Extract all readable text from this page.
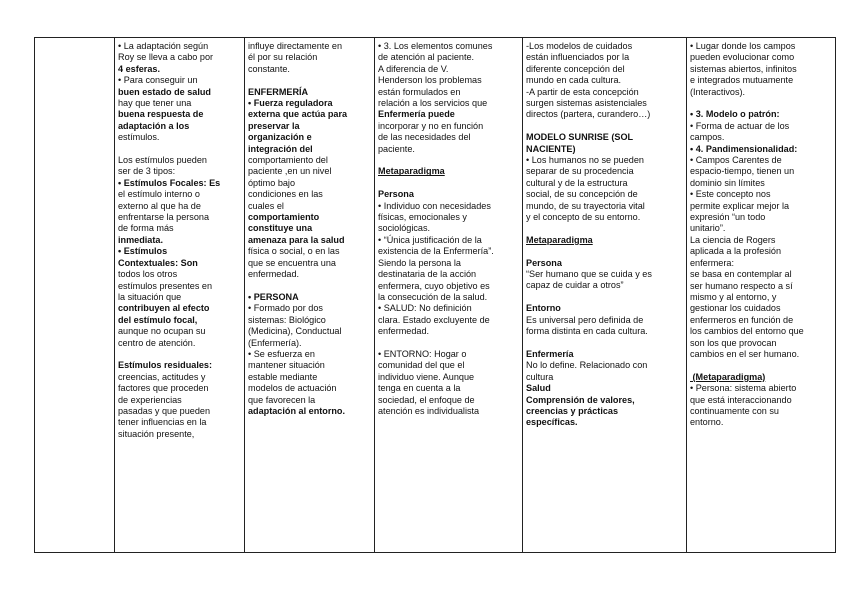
• La adaptación según
Roy se lleva a cabo por
4 esferas.
• Para conseguir un
buen estado de salud
hay que tener una
buena respuesta de
adaptación a los
estímulos.
Los estímulos pueden
ser de 3 tipos:
• Estímulos Focales: Es
el estímulo interno o
externo al que ha de
enfrentarse la persona
de forma más
inmediata.
• Estímulos
Contextuales: Son
todos los otros
estímulos presentes en
la situación que
contribuyen al efecto
del estímulo focal,
aunque no ocupan su
centro de atención.
Estímulos residuales:
creencias, actitudes y
factores que proceden
de experiencias
pasadas y que pueden
tener influencias en la
situación presente,
influye directamente en
él por su relación
constante.
ENFERMERÍA
• Fuerza reguladora
externa que actúa para
preservar la
organización e
integración del
comportamiento del
paciente ,en un nivel
óptimo bajo
condiciones en las
cuales el
comportamiento
constituye una
amenaza para la salud
física o social, o en las
que se encuentra una
enfermedad.
• PERSONA
• Formado por dos
sistemas: Biológico
(Medicina), Conductual
(Enfermería).
• Se esfuerza en
mantener situación
estable mediante
modelos de actuación
que favorecen la
adaptación al entorno.
• 3. Los elementos comunes
de atención al paciente.
A diferencia de V.
Henderson los problemas
están formulados en
relación a los servicios que
Enfermería puede
incorporar y no en función
de las necesidades del
paciente.
Metaparadigma
Persona
• Individuo con necesidades
físicas, emocionales y
sociológicas.
• “Única justificación de la
existencia de la Enfermería”.
Siendo la persona la
destinataria de la acción
enfermera, cuyo objetivo es
la consecución de la salud.
• SALUD: No definición
clara. Estado excluyente de
enfermedad.
• ENTORNO: Hogar o
comunidad del que el
individuo viene. Aunque
tenga en cuenta a la
sociedad, el enfoque de
atención es individualista
-Los modelos de cuidados
están influenciados por la
diferente concepción del
mundo en cada cultura.
-A partir de esta concepción
surgen sistemas asistenciales
directos (partera, curandero…)
MODELO SUNRISE (SOL
NACIENTE)
• Los humanos no se pueden
separar de su procedencia
cultural y de la estructura
social, de su concepción de
mundo, de su trayectoria vital
y el concepto de su entorno.
Metaparadigma
Persona
“Ser humano que se cuida y es
capaz de cuidar a otros”
Entorno
Es universal pero definida de
forma distinta en cada cultura.
Enfermería
No lo define. Relacionado con
cultura
Salud
Comprensión de valores,
creencias y prácticas
específicas.
• Lugar donde los campos
pueden evolucionar como
sistemas abiertos, infinitos
e integrados mutuamente
(Interactivos).
• 3. Modelo o patrón:
• Forma de actuar de los
campos.
• 4. Pandimensionalidad:
• Campos Carentes de
espacio-tiempo, tienen un
dominio sin límites
• Este concepto nos
permite explicar mejor la
expresión “un todo
unitario”.
La ciencia de Rogers
aplicada a la profesión
enfermera:
se basa en contemplar al
ser humano respecto a sí
mismo y al entorno, y
gestionar los cuidados
enfermeros en función de
los cambios del entorno que
son los que provocan
cambios en el ser humano.
(Metaparadigma)
• Persona: sistema abierto
que está interaccionando
continuamente con su
entorno.
